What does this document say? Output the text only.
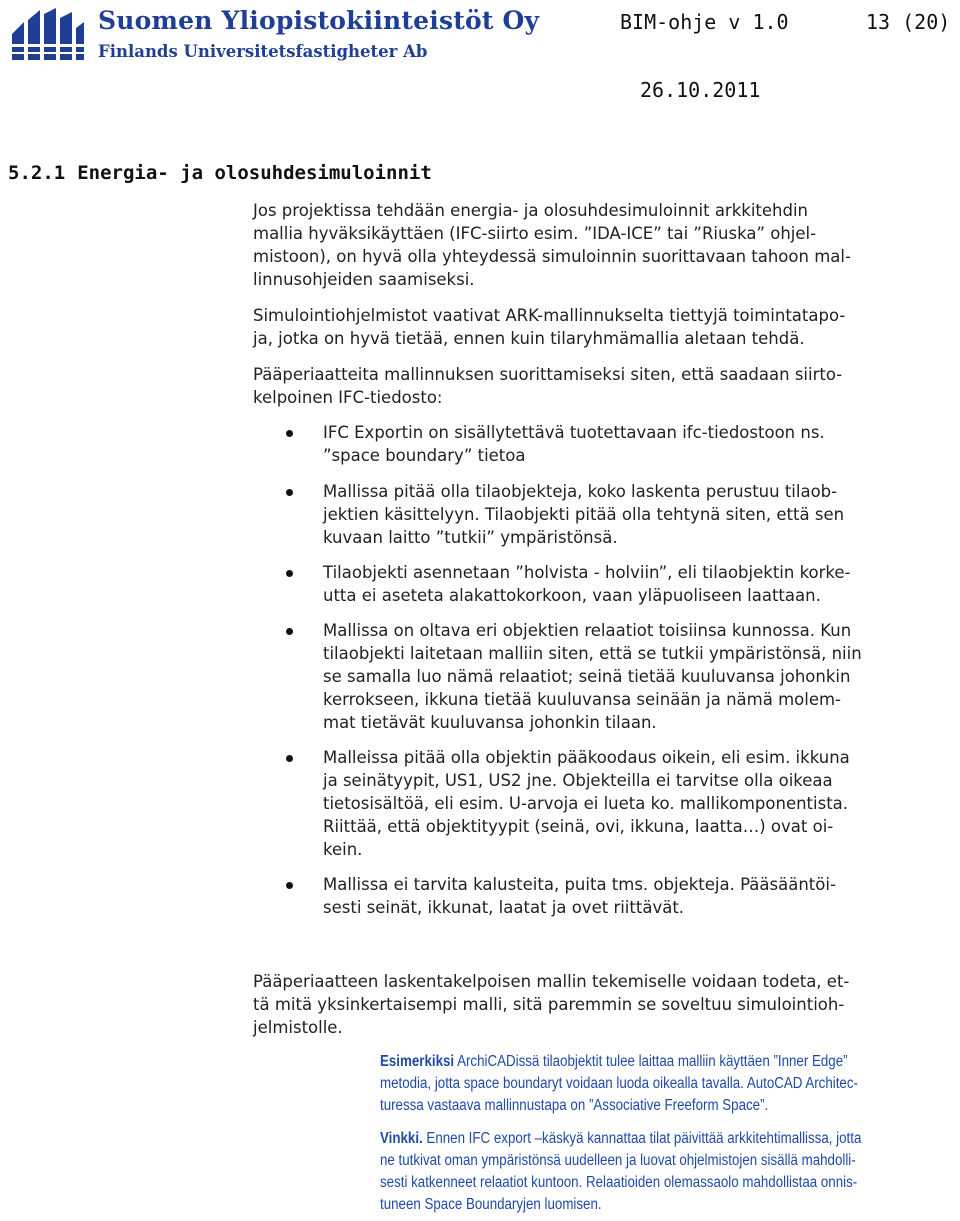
Suomen Yliopistokiinteistöt Oy
Finlands Universitetsfastigheter Ab
BIM-ohje v 1.0	13 (20)
26.10.2011
5.2.1 Energia- ja olosuhdesimuloinnit
Jos projektissa tehdään energia- ja olosuhdesimuloinnit arkkitehdin
mallia hyväksikäyttäen (IFC-siirto esim. ”IDA-ICE” tai ”Riuska” ohjel-
mistoon), on hyvä olla yhteydessä simuloinnin suorittavaan tahoon mal-
linnusohjeiden saamiseksi.
Simulointiohjelmistot vaativat ARK-mallinnukselta tiettyjä toimintatapo-
ja, jotka on hyvä tietää, ennen kuin tilaryhmämallia aletaan tehdä.
Pääperiaatteita mallinnuksen suorittamiseksi siten, että saadaan siirto-
kelpoinen IFC-tiedosto:
IFC Exportin on sisällytettävä tuotettavaan ifc-tiedostoon ns.
”space boundary” tietoa
Mallissa pitää olla tilaobjekteja, koko laskenta perustuu tilaob-
jektien käsittelyyn. Tilaobjekti pitää olla tehtynä siten, että sen
kuvaan laitto ”tutkii” ympäristönsä.
Tilaobjekti asennetaan ”holvista - holviin”, eli tilaobjektin korke-
utta ei aseteta alakattokorkoon, vaan yläpuoliseen laattaan.
Mallissa on oltava eri objektien relaatiot toisiinsa kunnossa. Kun
tilaobjekti laitetaan malliin siten, että se tutkii ympäristönsä, niin
se samalla luo nämä relaatiot; seinä tietää kuuluvansa johonkin
kerrokseen, ikkuna tietää kuuluvansa seinään ja nämä molem-
mat tietävät kuuluvansa johonkin tilaan.
Malleissa pitää olla objektin pääkoodaus oikein, eli esim. ikkuna
ja seinätyypit, US1, US2 jne. Objekteilla ei tarvitse olla oikeaa
tietosisältöä, eli esim. U-arvoja ei lueta ko. mallikomponentista.
Riittää, että objektityypit (seinä, ovi, ikkuna, laatta…) ovat oi-
kein.
Mallissa ei tarvita kalusteita, puita tms. objekteja. Pääsääntöi-
sesti seinät, ikkunat, laatat ja ovet riittävät.
Pääperiaatteen laskentakelpoisen mallin tekemiselle voidaan todeta, et-
tä mitä yksinkertaisempi malli, sitä paremmin se soveltuu simulointioh-
jelmistolle.
Esimerkiksi ArchiCADissä tilaobjektit tulee laittaa malliin käyttäen ”Inner Edge”
metodia, jotta space boundaryt voidaan luoda oikealla tavalla. AutoCAD Architec-
turessa vastaava mallinnustapa on ”Associative Freeform Space”.
Vinkki. Ennen IFC export –käskyä kannattaa tilat päivittää arkkitehtimallissa, jotta
ne tutkivat oman ympäristönsä uudelleen ja luovat ohjelmistojen sisällä mahdolli-
sesti katkenneet relaatiot kuntoon. Relaatioiden olemassaolo mahdollistaa onnis-
tuneen Space Boundaryjen luomisen.
